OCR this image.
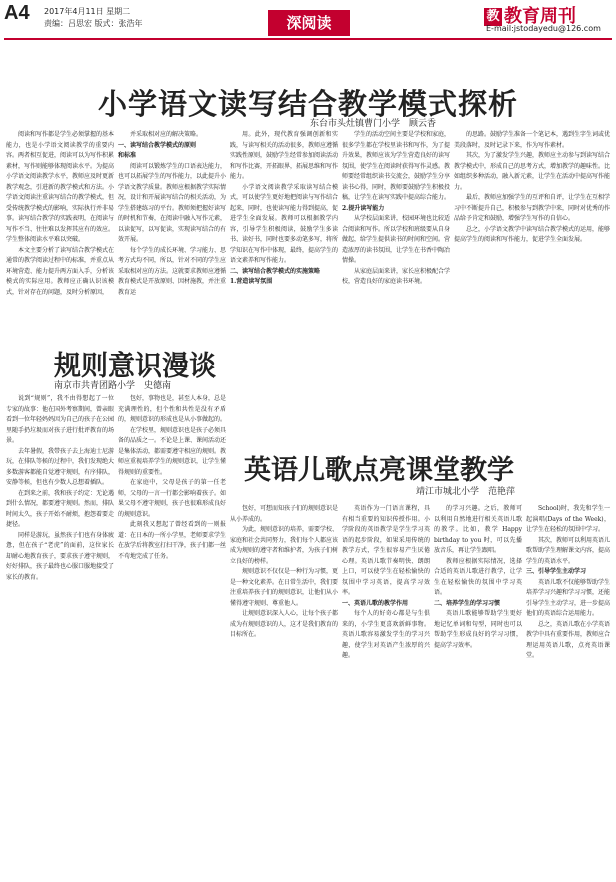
A4 2017年4月11日 星期二
责编：吕思宏 版式：张浩年	深阅读	教 教育周刊
E-mail:jstodayedu@126.com
小学语文读写结合教学模式探析
东台市头灶镇曹门小学　顾云香

阅读和写作都是学生必须掌握的基本能力，也是小学语文阅读教学的重要内容。两者相互促进，阅读可以为写作积累素材，写作则能够体现阅读水平。为提高小学语文阅读教学水平，教师应及时更新教学观念，引进新的教学模式和方法。小学语文阅读注重读写结合的教学模式，但受传统教学模式的影响，实际执行并非易事。读写结合教学的实践表明，在阅读与写作不当、往往难以发挥其应有的效应。学生整体阅读水平难以突破。

本文主要分析了读写结合教学模式在通常的教学阅读过程中的标准，并重点从环境营造、能力提升两方面入手，分析该模式的实际应用。教师应正确认识该模式，针对存在的问题，及时分析原因，

并采取相对应的解决策略。

一、读写结合教学模式的原则

和标准

阅读可以锻炼学生的口语表达能力，也可以拓展学生的写作能力，以此提升小学语文教学质量。教师应根据教学实际情况，设计和开展读写结合的相关活动，为学生搭建练习的平台。教师须把握好读写的时机和节奏，在阅读中融入写作元素，以读促写，以写促读，实现读写结合的有效开展。

每个学生的成长环境、学习能力、思考方式均不同，所以，针对不同的学生应采取相对应的方法。这就要求教师应遵循教育模式是开放原则、因材施教，并注重教育运

用。此外，现代教育强调创新和实践，与读写相关的活动很多，教师应遵循实践性原则，鼓励学生经常参加阅读活动和写作比赛，开拓眼界，拓展思维和写作能力。

小学语文阅读教学采取读写结合模式，可以使学生更好地把阅读与写作结合起来，同时，也使读写能力得到提高，促进学生全面发展。教师可以根据教学内容，引导学生积极阅读，鼓励学生多读书、读好书，同时也要多动笔多写，将所学知识在写作中体现，最终，提高学生的语文素养和写作能力。

二、读写结合教学模式的实施策略

1.营造读写氛围

学生的活动空间主要是学校和家庭，很多学生都在学校里读书和写作，为了提升效果，教师应该为学生营造良好的读写氛围，使学生在阅读时获得写作灵感。教师要经常组织读书交流会，鼓励学生分享读书心得，同时，教师要鼓励学生积极投稿，让学生在读写实践中提高综合能力。

2.提升读写能力

从学校层面来讲，校园环境也比较适合阅读和写作。所以学校和班级要从自身做起，给学生提供读书的时间和空间。营造浓厚的读书氛围，让学生在书香中陶冶情操。

从家庭层面来讲，家长应积极配合学校，营造良好的家庭读书环境。

的思路。鼓励学生准备一个笔记本，遇到生字生词或优美段落时，及时记录下来，作为写作素材。

其次，为了激发学生兴趣，教师应主动参与到读写结合教学模式中，形成自己的思考方式，增加教学的趣味性。比如组织多种活动，融入新元素，让学生在活动中提高写作能力。

最后，教师应加强学生的互评和自评，让学生在互相学习中不断提升自己，积极参与到教学中来，同时对优秀的作品给予肯定和鼓励，增强学生写作的自信心。

总之，小学语文教学中读写结合教学模式的运用，能够提高学生的阅读和写作能力，促进学生全面发展。

规则意识漫谈
南京市共青团路小学　史德南

说到“规则”，我不由得想起了一位专家的故事：他在国外考察期间，曾亲眼看到一位年轻妈妈因为自己的孩子在公园里随手扔垃圾而对孩子进行批评教育的场景。

去年暑假，我带孩子去上海迪士尼游玩，在排队等候的过程中，我们发现绝大多数游客都能自觉遵守规则，有序排队，安静等候，但也有少数人总想着插队。

在到来之前，我和孩子约定：无论遇到什么情况，都要遵守规则。然而，排队时间太久，孩子开始不耐烦，抱怨着要走捷径。

同样是游玩，虽然孩子们也有身体疲惫，但在孩子“老虎”的面前，这位家长却耐心地教育孩子，要求孩子遵守规则，好好排队，孩子最终也心服口服地接受了家长的教育。

包好，事物也是，甚至人本身，总是充满理性的，但个性和共性是没有矛盾的，规则意识的形成也是从小事做起的。

在学校里，规则意识也是孩子必须具备的品质之一。不论是上课、课间活动还是集体活动，都需要遵守相应的规则。教师应重视培养学生的规则意识，让学生懂得规则的重要性。

在家庭中，父母是孩子的第一任老师，父母的一言一行都会影响着孩子。如果父母不遵守规则，孩子也很难形成良好的规则意识。

此刻我又想起了曾经看到的一则报道：在日本的一所小学里，老师要求学生在放学后将教室打扫干净，孩子们都一丝不苟地完成了任务。

包好，可想而知孩子们的规则意识是从小养成的。

为此，规则意识的培养，需要学校、家庭和社会共同努力，我们每个人都应该成为规则的遵守者和维护者，为孩子们树立良好的榜样。

规则意识不仅仅是一种行为习惯，更是一种文化素养。在日常生活中，我们要注重培养孩子们的规则意识，让他们从小懂得遵守规则、尊重他人。

让规则意识深入人心，让每个孩子都成为有规则意识的人，这才是我们教育的目标所在。

英语儿歌点亮课堂教学
靖江市城北小学　范艳萍

英语作为一门语言课程，具有相当重要的知识传授作用。小学阶段的英语教学是学生学习英语的起步阶段，如果采用传统的教学方式，学生很容易产生厌倦心理。英语儿歌节奏明快、朗朗上口，可以使学生在轻松愉快的氛围中学习英语，提高学习效率。

一、英语儿歌的教学作用

每个人的好奇心都是与生俱来的，小学生更喜欢新鲜事物。英语儿歌容易激发学生的学习兴趣，使学生对英语产生浓厚的兴趣。

的学习兴趣。之后，教师可以利用自然地进行相关英语儿歌的教学。比如，教学 Happy birthday to you 时，可以先播放音乐，再让学生跟唱。

教师应根据实际情况，选择合适的英语儿歌进行教学，让学生在轻松愉快的氛围中学习英语。

二、培养学生的学习习惯

英语儿歌能够帮助学生更好地记忆单词和句型，同时也可以帮助学生形成良好的学习习惯，提高学习效率。

School)时，我先和学生一起演唱(Days of the Week)，让学生在轻松的氛围中学习。

其次，教师可以利用英语儿歌帮助学生理解课文内容，提高学生的英语水平。

三、引导学生主动学习

英语儿歌不仅能够帮助学生培养学习兴趣和学习习惯，还能引导学生主动学习，进一步提高他们的英语综合运用能力。

总之，英语儿歌在小学英语教学中具有重要作用，教师应合理运用英语儿歌，点亮英语课堂。
